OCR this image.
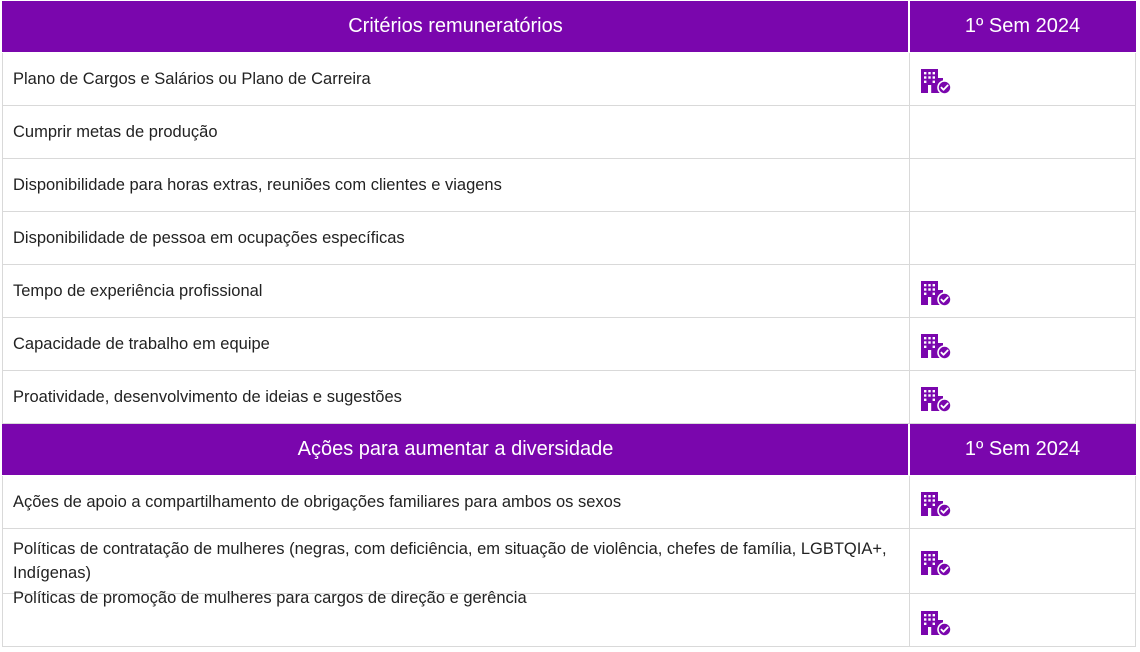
Critérios remuneratórios	1º Sem 2024
Plano de Cargos e Salários ou Plano de Carreira
Cumprir metas de produção
Disponibilidade para horas extras, reuniões com clientes e viagens
Disponibilidade de pessoa em ocupações específicas
Tempo de experiência profissional
Capacidade de trabalho em equipe
Proatividade, desenvolvimento de ideias e sugestões
Ações para aumentar a diversidade	1º Sem 2024
Ações de apoio a compartilhamento de obrigações familiares para ambos os sexos
Políticas de contratação de mulheres (negras, com deficiência, em situação de violência, chefes de família, LGBTQIA+, Indígenas)
Políticas de promoção de mulheres para cargos de direção e gerência
